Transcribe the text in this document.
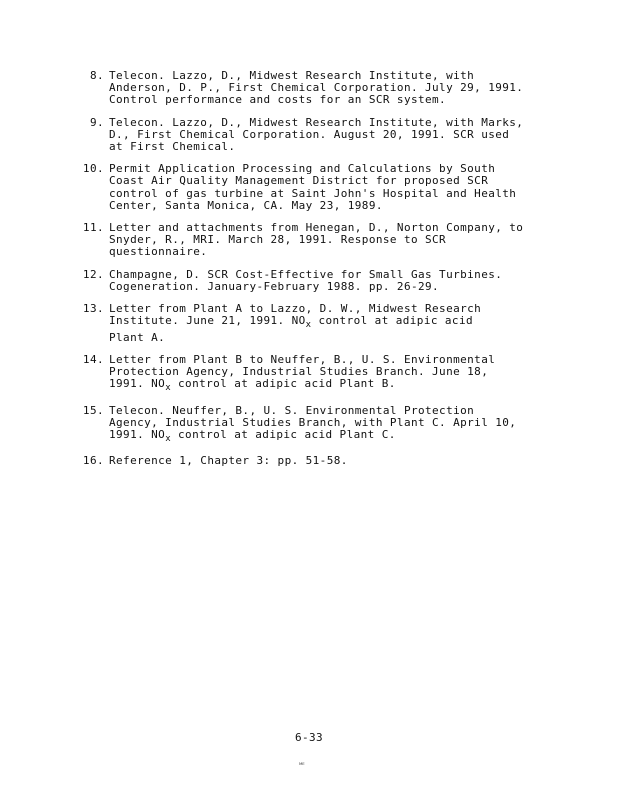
8. Telecon. Lazzo, D., Midwest Research Institute, with
Anderson, D. P., First Chemical Corporation. July 29, 1991.
Control performance and costs for an SCR system.
9. Telecon. Lazzo, D., Midwest Research Institute, with Marks,
D., First Chemical Corporation. August 20, 1991. SCR used
at First Chemical.
10. Permit Application Processing and Calculations by South
Coast Air Quality Management District for proposed SCR
control of gas turbine at Saint John's Hospital and Health
Center, Santa Monica, CA. May 23, 1989.
11. Letter and attachments from Henegan, D., Norton Company, to
Snyder, R., MRI. March 28, 1991. Response to SCR
questionnaire.
12. Champagne, D. SCR Cost-Effective for Small Gas Turbines.
Cogeneration. January-February 1988. pp. 26-29.
13. Letter from Plant A to Lazzo, D. W., Midwest Research
Institute. June 21, 1991. $NO_x$ control at adipic acid
Plant A.
14. Letter from Plant B to Neuffer, B., U. S. Environmental
Protection Agency, Industrial Studies Branch. June 18,
1991. $NO_x$ control at adipic acid Plant B.
15. Telecon. Neuffer, B., U. S. Environmental Protection
Agency, Industrial Studies Branch, with Plant C. April 10,
1991. $NO_x$ control at adipic acid Plant C.
16. Reference 1, Chapter 3: pp. 51-58.
6-33
ᴹᴱ
